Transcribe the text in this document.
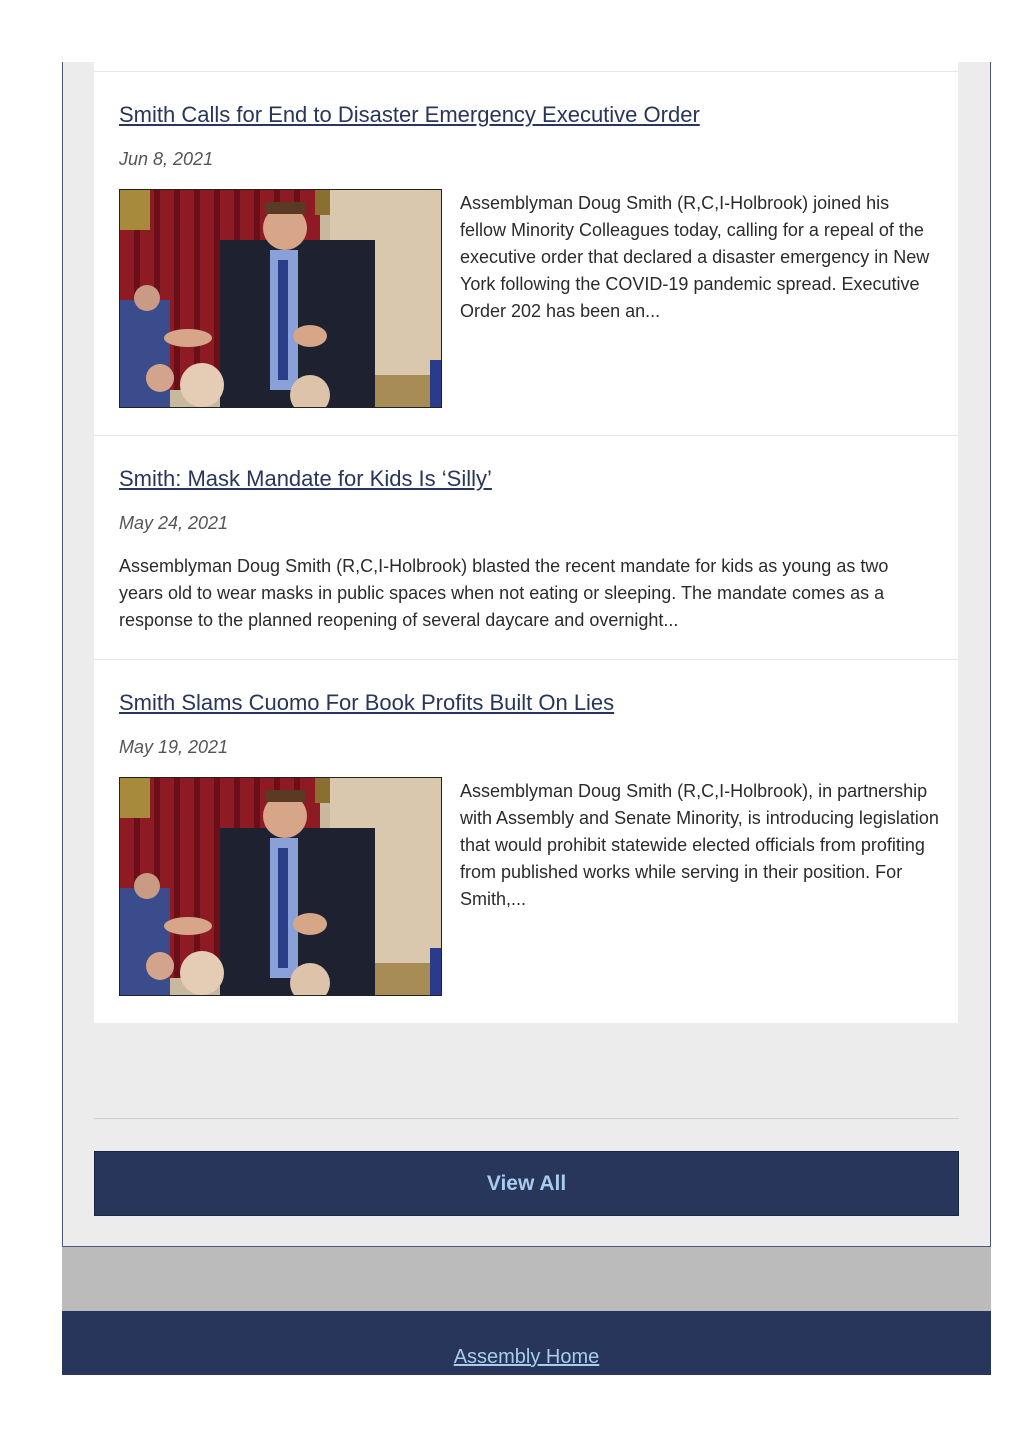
Smith Calls for End to Disaster Emergency Executive Order
Jun 8, 2021
Assemblyman Doug Smith (R,C,I-Holbrook) joined his fellow Minority Colleagues today, calling for a repeal of the executive order that declared a disaster emergency in New York following the COVID-19 pandemic spread. Executive Order 202 has been an...
Smith: Mask Mandate for Kids Is ‘Silly’
May 24, 2021
Assemblyman Doug Smith (R,C,I-Holbrook) blasted the recent mandate for kids as young as two years old to wear masks in public spaces when not eating or sleeping. The mandate comes as a response to the planned reopening of several daycare and overnight...
Smith Slams Cuomo For Book Profits Built On Lies
May 19, 2021
Assemblyman Doug Smith (R,C,I-Holbrook), in partnership with Assembly and Senate Minority, is introducing legislation that would prohibit statewide elected officials from profiting from published works while serving in their position. For Smith,...
View All
Assembly Home
